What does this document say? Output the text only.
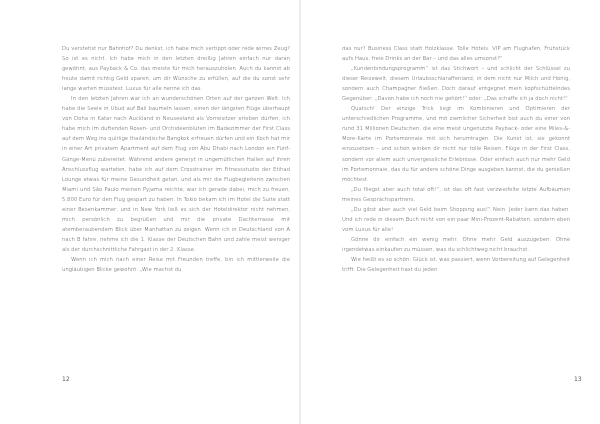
Du verstehst nur Bahnhof? Du denkst, ich habe mich vertippt oder rede wirres Zeug? So ist es nicht. Ich habe mich in den letzten dreißig Jahren einfach nur daran gewöhnt, aus Payback & Co. das meiste für mich herauszuholen. Auch du kannst ab heute damit richtig Geld sparen, um dir Wünsche zu erfüllen, auf die du sonst sehr lange warten müsstest. Luxus für alle nenne ich das.

In den letzten Jahren war ich an wunderschönen Orten auf der ganzen Welt. Ich habe die Seele in Ubud auf Bali baumeln lassen, einen der längsten Flüge überhaupt von Doha in Katar nach Auckland in Neuseeland als Vorreisitzer erleben dürfen; ich habe mich im duftenden Rosen- und Orchideenblüten im Badezimmer der First Class auf dem Weg ins quirlige thailändische Bangkok erfreuen dürfen und ein Koch hat mir in einer Art privatem Apartment auf dem Flug von Abu Dhabi nach London ein Fünf-Gänge-Menü zubereitet. Während andere generyt in ungemütlichen Hallen auf ihren Anschlussflug warteten, habe ich auf dem Crosstrainer im Fitnessstudio der Etihad Lounge etwas für meine Gesundheit getan, und als mir die Flugbegleiterin zwischen Miami und São Paulo meinen Pyjama reichte, war ich gerade dabei, mich zu freuen, 5.800 Euro für den Flug gespart zu haben. In Tokio bekam ich im Hotel die Suite statt einer Besenkammer, und in New York ließ es sich der Hoteldirektor nicht nehmen, mich persönlich zu begrüßen und mir die private Dachterrasse mit atemberaubendem Blick über Manhattan zu zeigen. Wenn ich in Deutschland von A nach B fahre, nehme ich die 1. Klasse der Deutschen Bahn und zahle meist weniger als der durchschnittliche Fahrgast in der 2. Klasse.

Wenn ich mich nach einer Reise mit Freunden treffe, bin ich mittlerweile die ungläubigen Blicke gewohnt: „Wie machst du

das nur? Business Class statt Holzklasse. Tolle Hotels. VIP am Flughafen, Frühstück aufs Haus, freie Drinks an der Bar – und das alles umsonst?“

„Kundenbindungsprogramm“ ist das Stichwort – und schlicht der Schlüssel zu dieser Reisewelt, diesem Urlaubsschlaraffenland, in dem nicht nur Milch und Honig, sondern auch Champagner fließen. Doch darauf entgegnet mein kopfschüttelndes Gegenüber: „Davon habe ich noch nie gehört!“ oder: „Das schaffe ich ja doch nicht!“

Quatsch! Der einzige Trick liegt im Kombinieren und Optimieren der unterschiedlichen Programme, und mit ziemlicher Sicherheit bist auch du einer von rund 31 Millionen Deutschen, die eine meist ungenutzte Payback- oder eine Miles-&-More-Karte im Portemonnaie mit sich herumtragen. Die Kunst ist, sie gekonnt einzusetzen – und schon winken dir nicht nur tolle Reisen, Flüge in der First Class, sondern vor allem auch unvergessliche Erlebnisse. Oder einfach auch nur mehr Geld im Portemonnaie, das du für andere schöne Dinge ausgeben kannst, die du genießen möchtest.

„Du fliegst aber auch total oft!“, ist das oft fast verzweifelte letzte Aufbäumen meines Gesprächspartners.

„Du gibst aber auch viel Geld beim Shopping aus!“ Nein. Jeder kann das haben. Und ich rede in diesem Buch nicht von ein paar Mini-Prozent-Rabatten, sondern eben vom Luxus für alle!

Gönne dir einfach ein wenig mehr. Ohne mehr Geld auszugeben. Ohne irgendetwas einkaufen zu müssen, was du schlichtweg nicht brauchst.

Wie heißt es so schön: Glück ist, was passiert, wenn Vorbereitung auf Gelegenheit trifft. Die Gelegenheit hast du jeden

12	13
